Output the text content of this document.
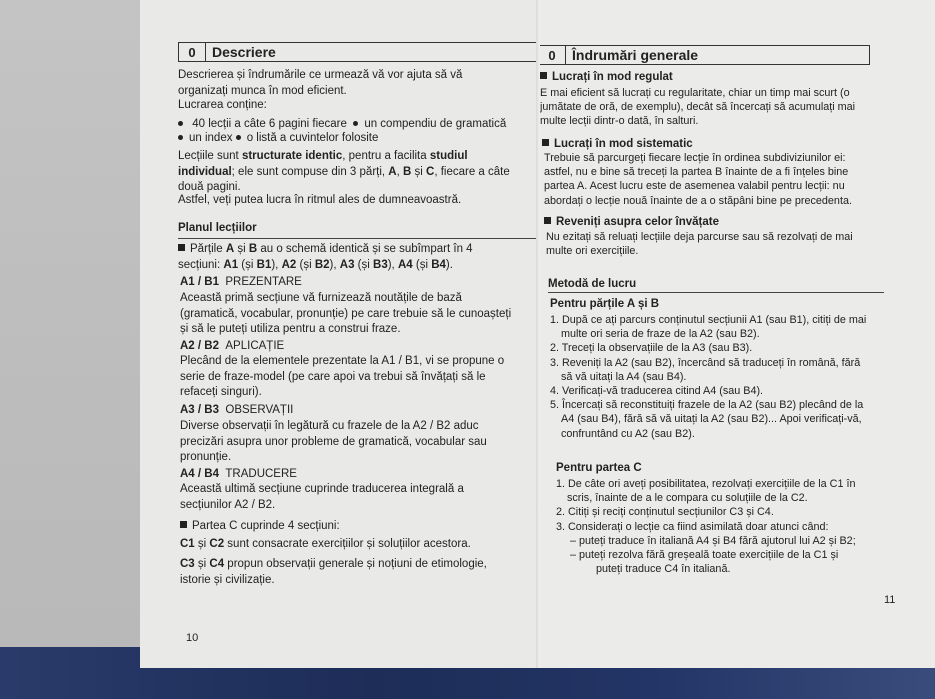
0	Descriere
Descrierea și îndrumările ce urmează vă vor ajuta să vă
organizați munca în mod eficient.
Lucrarea conține:
40 lecții a câte 6 pagini fiecare un compendiu de gramatică
un index o listă a cuvintelor folosite
Lecțiile sunt structurate identic, pentru a facilita studiul
individual; ele sunt compuse din 3 părți, A, B și C, fiecare a câte
două pagini.
Astfel, veți putea lucra în ritmul ales de dumneavoastră.
Planul lecțiilor
Părțile A și B au o schemă identică și se subîmpart în 4
secțiuni: A1 (și B1), A2 (și B2), A3 (și B3), A4 (și B4).
A1 / B1 PREZENTARE
Această primă secțiune vă furnizează noutățile de bază
(gramatică, vocabular, pronunție) pe care trebuie să le cunoașteți
și să le puteți utiliza pentru a construi fraze.
A2 / B2 APLICAȚIE
Plecând de la elementele prezentate la A1 / B1, vi se propune o
serie de fraze-model (pe care apoi va trebui să învățați să le
refaceți singuri).
A3 / B3 OBSERVAȚII
Diverse observații în legătură cu frazele de la A2 / B2 aduc
precizări asupra unor probleme de gramatică, vocabular sau
pronunție.
A4 / B4 TRADUCERE
Această ultimă secțiune cuprinde traducerea integrală a
secțiunilor A2 / B2.
Partea C cuprinde 4 secțiuni:
C1 și C2 sunt consacrate exercițiilor și soluțiilor acestora.
C3 și C4 propun observații generale și noțiuni de etimologie,
istorie și civilizație.
10
0	Îndrumări generale
Lucrați în mod regulat
E mai eficient să lucrați cu regularitate, chiar un timp mai scurt (o
jumătate de oră, de exemplu), decât să încercați să acumulați mai
multe lecții dintr-o dată, în salturi.
Lucrați în mod sistematic
Trebuie să parcurgeți fiecare lecție în ordinea subdiviziunilor ei:
astfel, nu e bine să treceți la partea B înainte de a fi înțeles bine
partea A. Acest lucru este de asemenea valabil pentru lecții: nu
abordați o lecție nouă înainte de a o stăpâni bine pe precedenta.
Reveniți asupra celor învățate
Nu ezitați să reluați lecțiile deja parcurse sau să rezolvați de mai
multe ori exercițiile.
Metodă de lucru
Pentru părțile A și B
1. După ce ați parcurs conținutul secțiunii A1 (sau B1), citiți de mai
multe ori seria de fraze de la A2 (sau B2).
2. Treceți la observațiile de la A3 (sau B3).
3. Reveniți la A2 (sau B2), încercând să traduceți în română, fără
să vă uitați la A4 (sau B4).
4. Verificați-vă traducerea citind A4 (sau B4).
5. Încercați să reconstituiți frazele de la A2 (sau B2) plecând de la
A4 (sau B4), fără să vă uitați la A2 (sau B2)... Apoi verificați-vă,
confruntând cu A2 (sau B2).
Pentru partea C
1. De câte ori aveți posibilitatea, rezolvați exercițiile de la C1 în
scris, înainte de a le compara cu soluțiile de la C2.
2. Citiți și reciți conținutul secțiunilor C3 și C4.
3. Considerați o lecție ca fiind asimilată doar atunci când:
– puteți traduce în italiană A4 și B4 fără ajutorul lui A2 și B2;
– puteți rezolva fără greșeală toate exercițiile de la C1 și
puteți traduce C4 în italiană.
11
